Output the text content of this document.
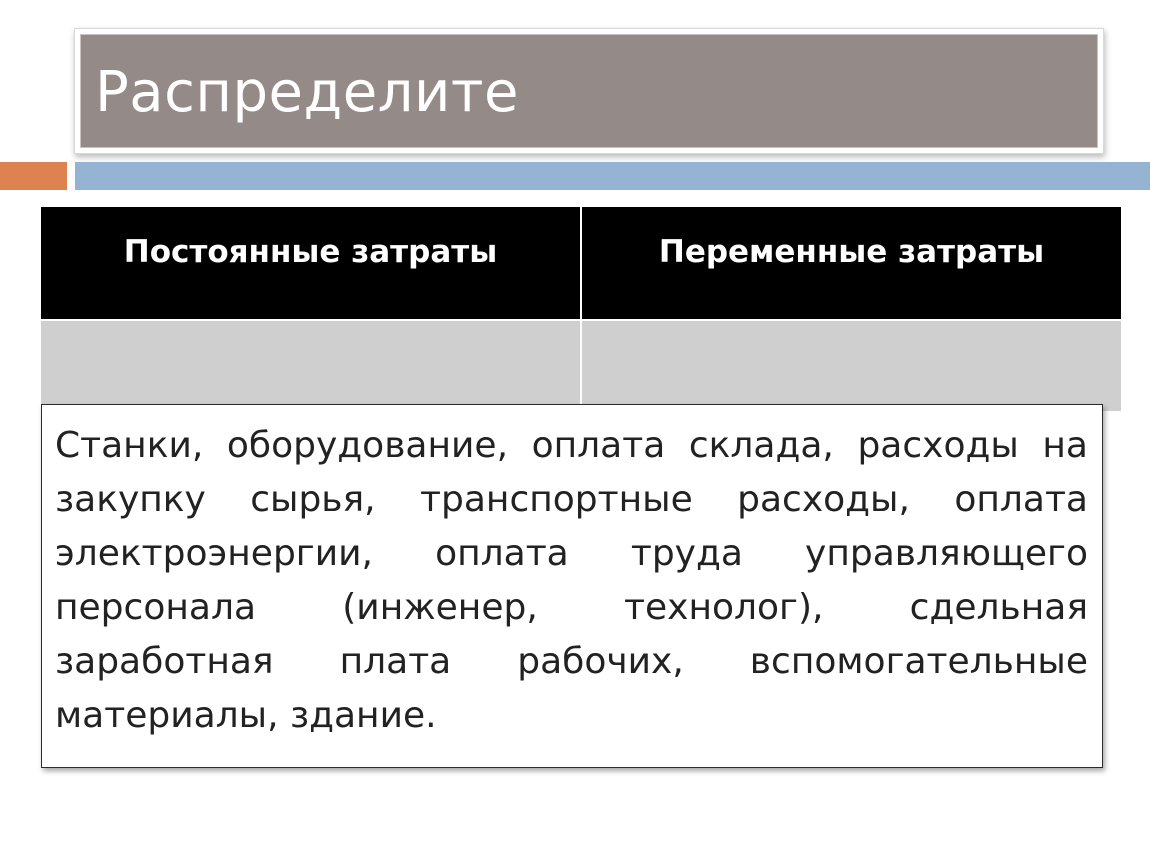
Распределите
Постоянные затраты	Переменные затраты

Станки, оборудование, оплата склада, расходы на закупку сырья, транспортные расходы, оплата электроэнергии, оплата труда управляющего персонала (инженер, технолог), сдельная заработная плата рабочих, вспомогательные материалы, здание.
